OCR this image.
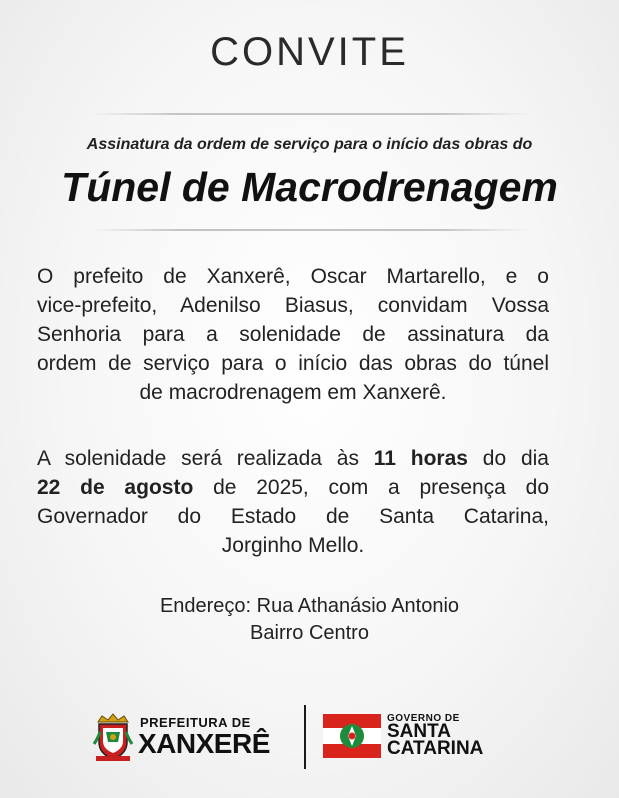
CONVITE
Assinatura da ordem de serviço para o início das obras do
Túnel de Macrodrenagem
O prefeito de Xanxerê, Oscar Martarello, e o
vice-prefeito, Adenilso Biasus, convidam Vossa
Senhoria para a solenidade de assinatura da
ordem de serviço para o início das obras do túnel
de macrodrenagem em Xanxerê.
A solenidade será realizada às 11 horas do dia
22 de agosto de 2025, com a presença do
Governador do Estado de Santa Catarina,
Jorginho Mello.
Endereço: Rua Athanásio Antonio
Bairro Centro
PREFEITURA DE
XANXERÊ
GOVERNO DE
SANTA
CATARINA
